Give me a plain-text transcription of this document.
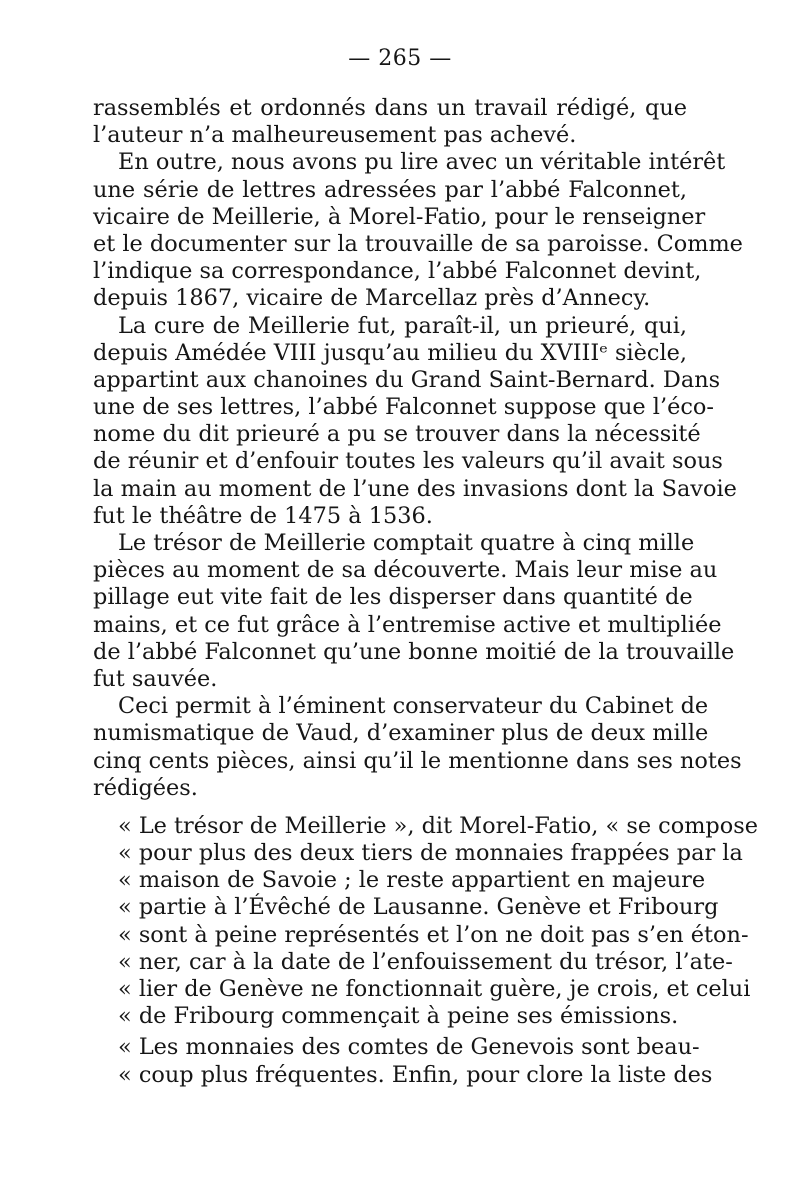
— 265 —
rassemblés et ordonnés dans un travail rédigé, que
l’auteur n’a malheureusement pas achevé.
En outre, nous avons pu lire avec un véritable intérêt
une série de lettres adressées par l’abbé Falconnet,
vicaire de Meillerie, à Morel-Fatio, pour le renseigner
et le documenter sur la trouvaille de sa paroisse. Comme
l’indique sa correspondance, l’abbé Falconnet devint,
depuis 1867, vicaire de Marcellaz près d’Annecy.
La cure de Meillerie fut, paraît-il, un prieuré, qui,
depuis Amédée VIII jusqu’au milieu du XVIIIᵉ siècle,
appartint aux chanoines du Grand Saint-Bernard. Dans
une de ses lettres, l’abbé Falconnet suppose que l’éco-
nome du dit prieuré a pu se trouver dans la nécessité
de réunir et d’enfouir toutes les valeurs qu’il avait sous
la main au moment de l’une des invasions dont la Savoie
fut le théâtre de 1475 à 1536.
Le trésor de Meillerie comptait quatre à cinq mille
pièces au moment de sa découverte. Mais leur mise au
pillage eut vite fait de les disperser dans quantité de
mains, et ce fut grâce à l’entremise active et multipliée
de l’abbé Falconnet qu’une bonne moitié de la trouvaille
fut sauvée.
Ceci permit à l’éminent conservateur du Cabinet de
numismatique de Vaud, d’examiner plus de deux mille
cinq cents pièces, ainsi qu’il le mentionne dans ses notes
rédigées.
« Le trésor de Meillerie », dit Morel-Fatio, « se compose
« pour plus des deux tiers de monnaies frappées par la
« maison de Savoie ; le reste appartient en majeure
« partie à l’Évêché de Lausanne. Genève et Fribourg
« sont à peine représentés et l’on ne doit pas s’en éton-
« ner, car à la date de l’enfouissement du trésor, l’ate-
« lier de Genève ne fonctionnait guère, je crois, et celui
« de Fribourg commençait à peine ses émissions.
« Les monnaies des comtes de Genevois sont beau-
« coup plus fréquentes. Enfin, pour clore la liste des
